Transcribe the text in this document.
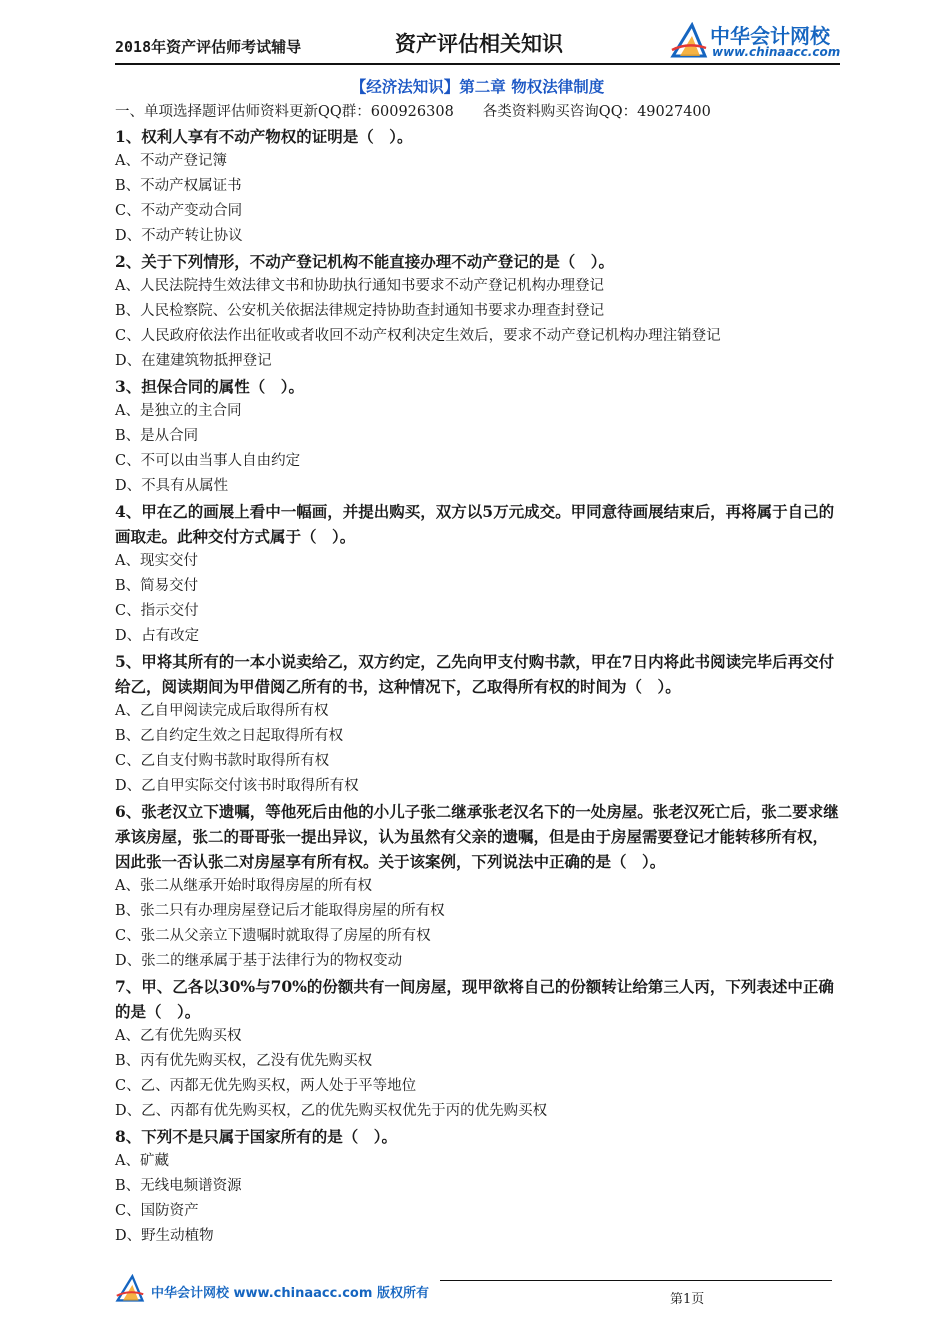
2018年资产评估师考试辅导	资产评估相关知识	中华会计网校
www.chinaacc.com
【经济法知识】第二章 物权法律制度
一、单项选择题评估师资料更新QQ群：600926308　　各类资料购买咨询QQ：49027400

1、权利人享有不动产物权的证明是（　）。

A、不动产登记簿

B、不动产权属证书

C、不动产变动合同

D、不动产转让协议

2、关于下列情形，不动产登记机构不能直接办理不动产登记的是（　）。

A、人民法院持生效法律文书和协助执行通知书要求不动产登记机构办理登记

B、人民检察院、公安机关依据法律规定持协助查封通知书要求办理查封登记

C、人民政府依法作出征收或者收回不动产权利决定生效后，要求不动产登记机构办理注销登记

D、在建建筑物抵押登记

3、担保合同的属性（　）。

A、是独立的主合同

B、是从合同

C、不可以由当事人自由约定

D、不具有从属性

4、甲在乙的画展上看中一幅画，并提出购买，双方以5万元成交。甲同意待画展结束后，再将属于自己的画取走。此种交付方式属于（　）。

A、现实交付

B、简易交付

C、指示交付

D、占有改定

5、甲将其所有的一本小说卖给乙，双方约定，乙先向甲支付购书款，甲在7日内将此书阅读完毕后再交付给乙，阅读期间为甲借阅乙所有的书，这种情况下，乙取得所有权的时间为（　）。

A、乙自甲阅读完成后取得所有权

B、乙自约定生效之日起取得所有权

C、乙自支付购书款时取得所有权

D、乙自甲实际交付该书时取得所有权

6、张老汉立下遗嘱，等他死后由他的小儿子张二继承张老汉名下的一处房屋。张老汉死亡后，张二要求继承该房屋，张二的哥哥张一提出异议，认为虽然有父亲的遗嘱，但是由于房屋需要登记才能转移所有权，因此张一否认张二对房屋享有所有权。关于该案例，下列说法中正确的是（　）。

A、张二从继承开始时取得房屋的所有权

B、张二只有办理房屋登记后才能取得房屋的所有权

C、张二从父亲立下遗嘱时就取得了房屋的所有权

D、张二的继承属于基于法律行为的物权变动

7、甲、乙各以30%与70%的份额共有一间房屋，现甲欲将自己的份额转让给第三人丙，下列表述中正确的是（　）。

A、乙有优先购买权

B、丙有优先购买权，乙没有优先购买权

C、乙、丙都无优先购买权，两人处于平等地位

D、乙、丙都有优先购买权，乙的优先购买权优先于丙的优先购买权

8、下列不是只属于国家所有的是（　）。

A、矿藏

B、无线电频谱资源

C、国防资产

D、野生动植物

中华会计网校 www.chinaacc.com 版权所有	第1页
